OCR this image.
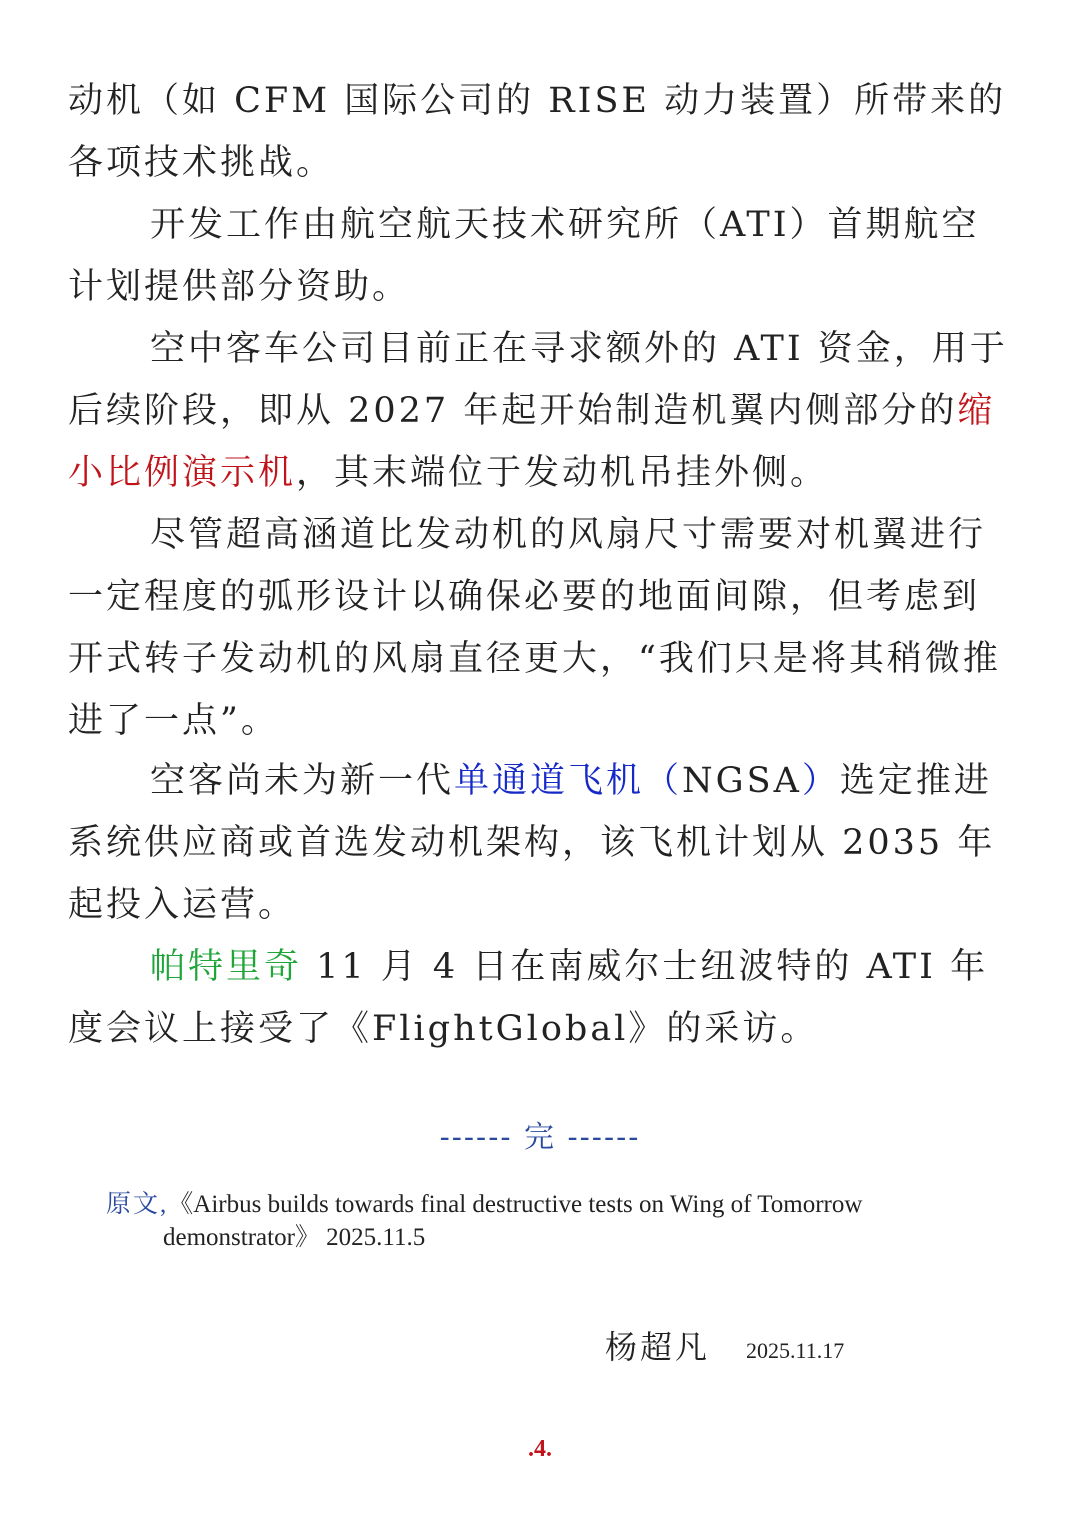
动机（如 CFM 国际公司的 RISE 动力装置）所带来的各项技术挑战。

开发工作由航空航天技术研究所（ATI）首期航空计划提供部分资助。

空中客车公司目前正在寻求额外的 ATI 资金，用于后续阶段，即从 2027 年起开始制造机翼内侧部分的缩小比例演示机，其末端位于发动机吊挂外侧。

尽管超高涵道比发动机的风扇尺寸需要对机翼进行一定程度的弧形设计以确保必要的地面间隙，但考虑到开式转子发动机的风扇直径更大，“我们只是将其稍微推进了一点”。

空客尚未为新一代单通道飞机（NGSA）选定推进系统供应商或首选发动机架构，该飞机计划从 2035 年起投入运营。

帕特里奇 11 月 4 日在南威尔士纽波特的 ATI 年度会议上接受了《FlightGlobal》的采访。

------ 完 ------
原文,《Airbus builds towards final destructive tests on Wing of Tomorrow
demonstrator》 2025.11.5
杨超凡 2025.11.17
.4.
